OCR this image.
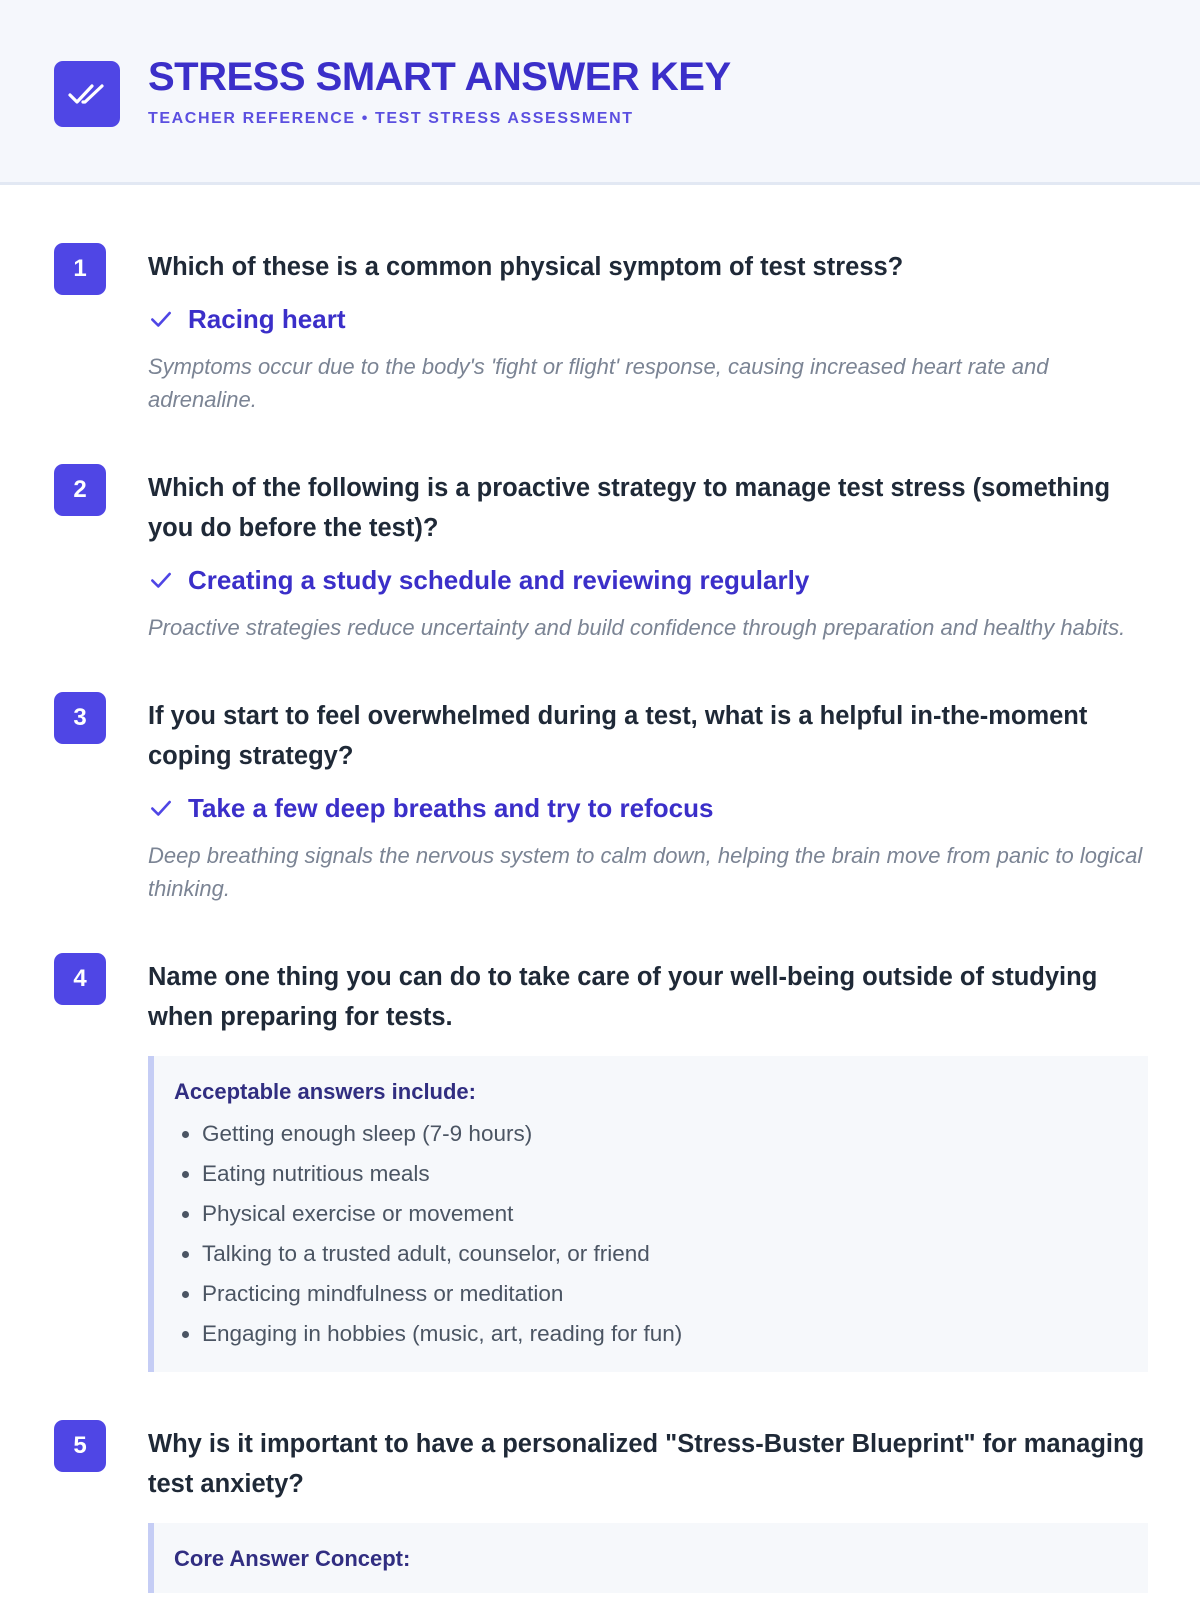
STRESS SMART ANSWER KEY
TEACHER REFERENCE • TEST STRESS ASSESSMENT
1	Which of these is a common physical symptom of test stress?
Racing heart
Symptoms occur due to the body's 'fight or flight' response, causing increased heart rate and adrenaline.
2	Which of the following is a proactive strategy to manage test stress (something you do before the test)?
Creating a study schedule and reviewing regularly
Proactive strategies reduce uncertainty and build confidence through preparation and healthy habits.
3	If you start to feel overwhelmed during a test, what is a helpful in-the-moment coping strategy?
Take a few deep breaths and try to refocus
Deep breathing signals the nervous system to calm down, helping the brain move from panic to logical thinking.
4	Name one thing you can do to take care of your well-being outside of studying when preparing for tests.
Acceptable answers include:
• Getting enough sleep (7-9 hours)
• Eating nutritious meals
• Physical exercise or movement
• Talking to a trusted adult, counselor, or friend
• Practicing mindfulness or meditation
• Engaging in hobbies (music, art, reading for fun)
5	Why is it important to have a personalized "Stress-Buster Blueprint" for managing test anxiety?
Core Answer Concept:
